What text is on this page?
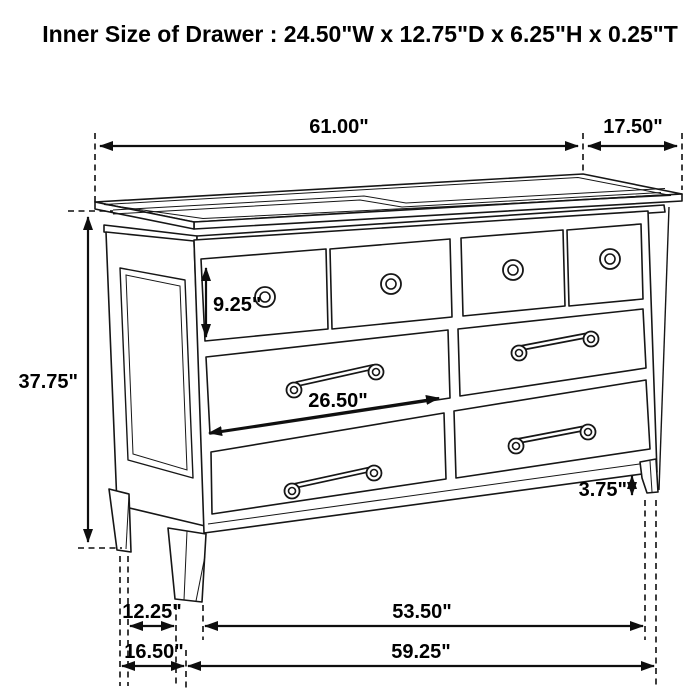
61.00"	17.50"
37.75"
9.25"
26.50"
3.75"
12.25"
16.50"
53.50"
59.25"
Inner Size of Drawer : 24.50"W x 12.75"D x 6.25"H x 0.25"T
